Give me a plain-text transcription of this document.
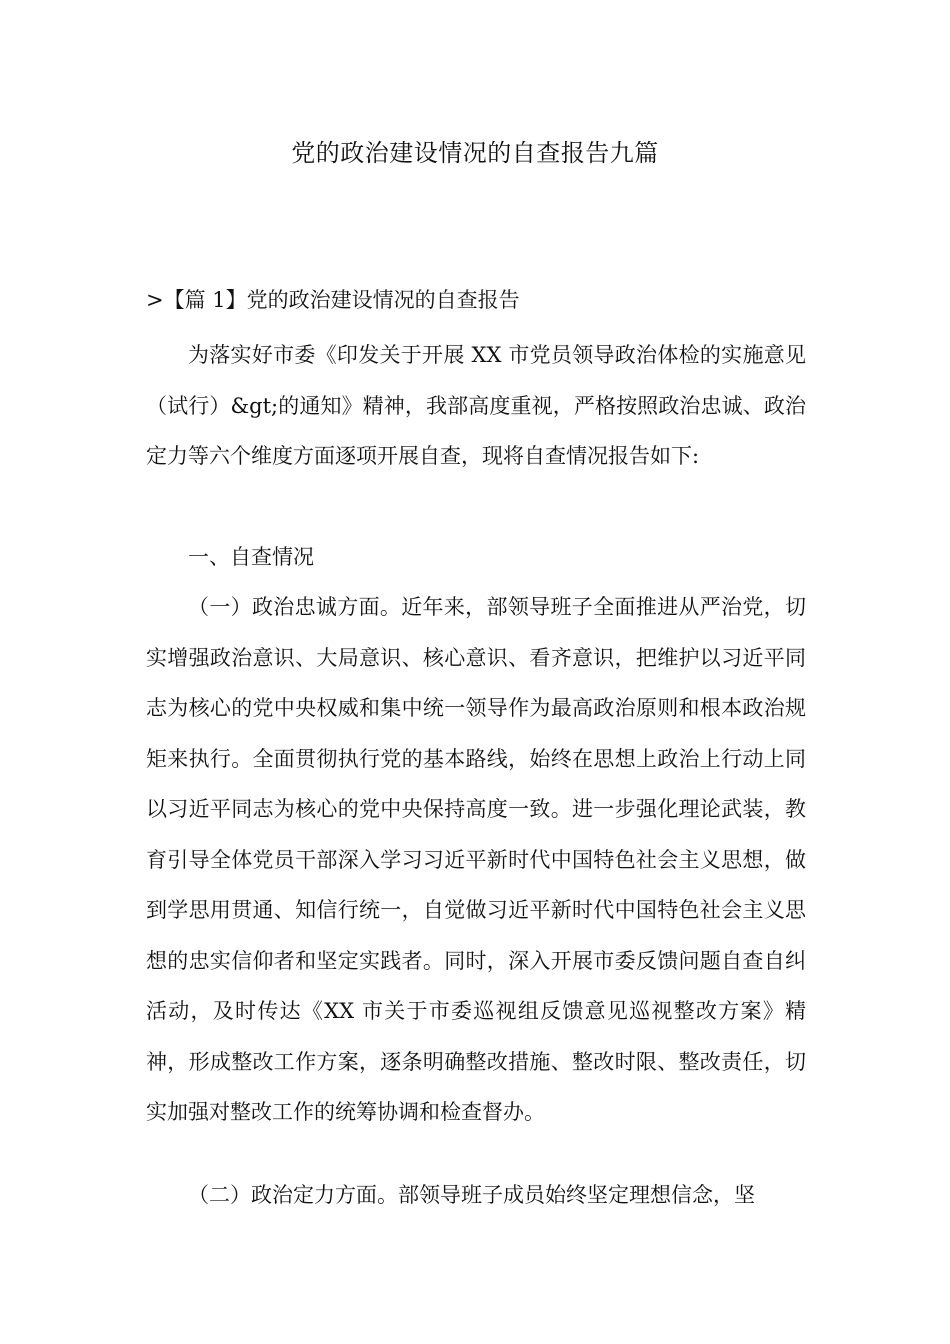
党的政治建设情况的自查报告九篇
>【篇 1】党的政治建设情况的自查报告
为落实好市委《印发关于开展 XX 市党员领导政治体检的实施意见（试行）&gt;的通知》精神，我部高度重视，严格按照政治忠诚、政治定力等六个维度方面逐项开展自查，现将自查情况报告如下:
一、自查情况
（一）政治忠诚方面。近年来，部领导班子全面推进从严治党，切实增强政治意识、大局意识、核心意识、看齐意识，把维护以习近平同志为核心的党中央权威和集中统一领导作为最高政治原则和根本政治规矩来执行。全面贯彻执行党的基本路线，始终在思想上政治上行动上同以习近平同志为核心的党中央保持高度一致。进一步强化理论武装，教育引导全体党员干部深入学习习近平新时代中国特色社会主义思想，做到学思用贯通、知信行统一，自觉做习近平新时代中国特色社会主义思想的忠实信仰者和坚定实践者。同时，深入开展市委反馈问题自查自纠活动，及时传达《XX 市关于市委巡视组反馈意见巡视整改方案》精神，形成整改工作方案，逐条明确整改措施、整改时限、整改责任，切实加强对整改工作的统筹协调和检查督办。
（二）政治定力方面。部领导班子成员始终坚定理想信念，坚
